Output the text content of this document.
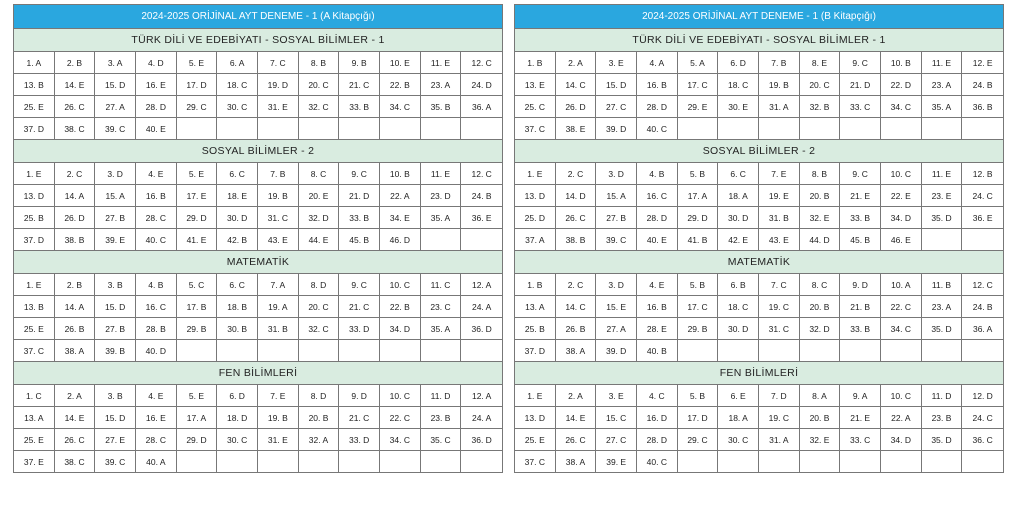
2024-2025 ORİJİNAL AYT DENEME - 1 (A Kitapçığı)
TÜRK DİLİ VE EDEBİYATI - SOSYAL BİLİMLER - 1
1. A	2. B	3. A	4. D	5. E	6. A	7. C	8. B	9. B	10. E	11. E	12. C
13. B	14. E	15. D	16. E	17. D	18. C	19. D	20. C	21. C	22. B	23. A	24. D
25. E	26. C	27. A	28. D	29. C	30. C	31. E	32. C	33. B	34. C	35. B	36. A
37. D	38. C	39. C	40. E
SOSYAL BİLİMLER - 2
1. E	2. C	3. D	4. E	5. E	6. C	7. B	8. C	9. C	10. B	11. E	12. C
13. D	14. A	15. A	16. B	17. E	18. E	19. B	20. E	21. D	22. A	23. D	24. B
25. B	26. D	27. B	28. C	29. D	30. D	31. C	32. D	33. B	34. E	35. A	36. E
37. D	38. B	39. E	40. C	41. E	42. B	43. E	44. E	45. B	46. D
MATEMATİK
1. E	2. B	3. B	4. B	5. C	6. C	7. A	8. D	9. C	10. C	11. C	12. A
13. B	14. A	15. D	16. C	17. B	18. B	19. A	20. C	21. C	22. B	23. C	24. A
25. E	26. B	27. B	28. B	29. B	30. B	31. B	32. C	33. D	34. D	35. A	36. D
37. C	38. A	39. B	40. D
FEN BİLİMLERİ
1. C	2. A	3. B	4. E	5. E	6. D	7. E	8. D	9. D	10. C	11. D	12. A
13. A	14. E	15. D	16. E	17. A	18. D	19. B	20. B	21. C	22. C	23. B	24. A
25. E	26. C	27. E	28. C	29. D	30. C	31. E	32. A	33. D	34. C	35. C	36. D
37. E	38. C	39. C	40. A
2024-2025 ORİJİNAL AYT DENEME - 1 (B Kitapçığı)
TÜRK DİLİ VE EDEBİYATI - SOSYAL BİLİMLER - 1
1. B	2. A	3. E	4. A	5. A	6. D	7. B	8. E	9. C	10. B	11. E	12. E
13. E	14. C	15. D	16. B	17. C	18. C	19. B	20. C	21. D	22. D	23. A	24. B
25. C	26. D	27. C	28. D	29. E	30. E	31. A	32. B	33. C	34. C	35. A	36. B
37. C	38. E	39. D	40. C
SOSYAL BİLİMLER - 2
1. E	2. C	3. D	4. B	5. B	6. C	7. E	8. B	9. C	10. C	11. E	12. B
13. D	14. D	15. A	16. C	17. A	18. A	19. E	20. B	21. E	22. E	23. E	24. C
25. D	26. C	27. B	28. D	29. D	30. D	31. B	32. E	33. B	34. D	35. D	36. E
37. A	38. B	39. C	40. E	41. B	42. E	43. E	44. D	45. B	46. E
MATEMATİK
1. B	2. C	3. D	4. E	5. B	6. B	7. C	8. C	9. D	10. A	11. B	12. C
13. A	14. C	15. E	16. B	17. C	18. C	19. C	20. B	21. B	22. C	23. A	24. B
25. B	26. B	27. A	28. E	29. B	30. D	31. C	32. D	33. B	34. C	35. D	36. A
37. D	38. A	39. D	40. B
FEN BİLİMLERİ
1. E	2. A	3. E	4. C	5. B	6. E	7. D	8. A	9. A	10. C	11. D	12. D
13. D	14. E	15. C	16. D	17. D	18. A	19. C	20. B	21. E	22. A	23. B	24. C
25. E	26. C	27. C	28. D	29. C	30. C	31. A	32. E	33. C	34. D	35. D	36. C
37. C	38. A	39. E	40. C
